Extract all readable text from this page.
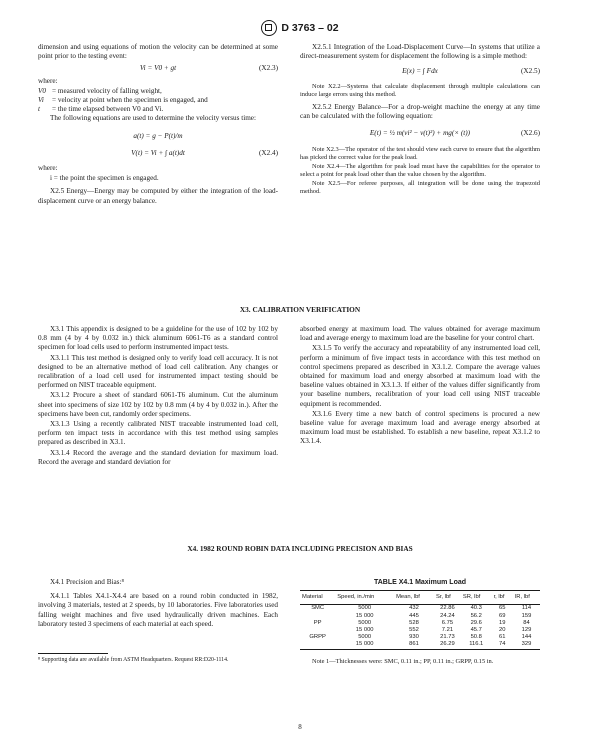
D 3763 – 02

dimension and using equations of motion the velocity can be determined at some point prior to the testing event:

Vi = V0 + gt	(X2.3)

where:

V0 = measured velocity of falling weight,
Vi	= velocity at point when the specimen is engaged, and
t	= the time elapsed between V0 and Vi.

The following equations are used to determine the velocity versus time:

a(t) = g − P(t)/m
V(t) = Vi + ∫ a(t)dt	(X2.4)

where:

i = the point the specimen is engaged.

X2.5 Energy—Energy may be computed by either the integration of the load-displacement curve or an energy balance.

X2.5.1 Integration of the Load-Displacement Curve—In systems that utilize a direct-measurement system for displacement the following is a simple method:

E(x) = ∫ Fdx	(X2.5)

Note X2.2—Systems that calculate displacement through multiple calculations can induce large errors using this method.

X2.5.2 Energy Balance—For a drop-weight machine the energy at any time can be calculated with the following equation:

E(t) = ½ m(vi² − v(t)²) + mg(× (t))	(X2.6)

Note X2.3—The operator of the test should view each curve to ensure that the algorithm has picked the correct value for the peak load.

Note X2.4—The algorithm for peak load must have the capabilities for the operator to select a point for peak load other than the value chosen by the algorithm.

Note X2.5—For referee purposes, all integration will be done using the trapezoid method.

X3. CALIBRATION VERIFICATION

X3.1 This appendix is designed to be a guideline for the use of 102 by 102 by 0.8 mm (4 by 4 by 0.032 in.) thick aluminum 6061-T6 as a standard control specimen for load cells used to perform instrumented impact tests.

X3.1.1 This test method is designed only to verify load cell accuracy. It is not designed to be an alternative method of load cell calibration. Any changes or recalibration of a load cell used for instrumented impact testing should be performed on NIST traceable equipment.

X3.1.2 Procure a sheet of standard 6061-T6 aluminum. Cut the aluminum sheet into specimens of size 102 by 102 by 0.8 mm (4 by 4 by 0.032 in.). After the specimens have been cut, randomly order specimens.

X3.1.3 Using a recently calibrated NIST traceable instrumented load cell, perform ten impact tests in accordance with this test method using samples prepared as described in X3.1.

X3.1.4 Record the average and the standard deviation for maximum load. Record the average and standard deviation for

absorbed energy at maximum load. The values obtained for average maximum load and average energy to maximum load are the baseline for your control chart.

X3.1.5 To verify the accuracy and repeatability of any instrumented load cell, perform a minimum of five impact tests in accordance with this test method on control specimens prepared as described in X3.1.2. Compare the average values obtained for maximum load and energy absorbed at maximum load with the baseline values obtained in X3.1.3. If either of the values differ significantly from your baseline numbers, recalibration of your load cell using NIST traceable equipment is recommended.

X3.1.6 Every time a new batch of control specimens is procured a new baseline value for average maximum load and average energy absorbed at maximum load must be established. To establish a new baseline, repeat X3.1.2 to X3.1.4.

X4. 1982 ROUND ROBIN DATA INCLUDING PRECISION AND BIAS

X4.1 Precision and Bias:⁸

X4.1.1 Tables X4.1-X4.4 are based on a round robin conducted in 1982, involving 3 materials, tested at 2 speeds, by 10 laboratories. Five laboratories used falling weight machines and five used hydraulically driven machines. Each laboratory tested 3 specimens of each material at each speed.

TABLE X4.1 Maximum Load
Material	Speed, in./min	Mean, lbf	Sr, lbf	SR, lbf	r, lbf	lR, lbf
SMC	5000	432	22.86	40.3	65	114
	15 000	445	24.24	56.2	69	159
PP	5000	528	6.75	29.6	19	84
	15 000	552	7.21	45.7	20	129
GRPP	5000	930	21.73	50.8	61	144
	15 000	861	26.29	116.1	74	329

Note 1—Thicknesses were: SMC, 0.11 in.; PP, 0.11 in.; GRPP, 0.15 in.

⁸ Supporting data are available from ASTM Headquarters. Request RR:D20-1114.
8
